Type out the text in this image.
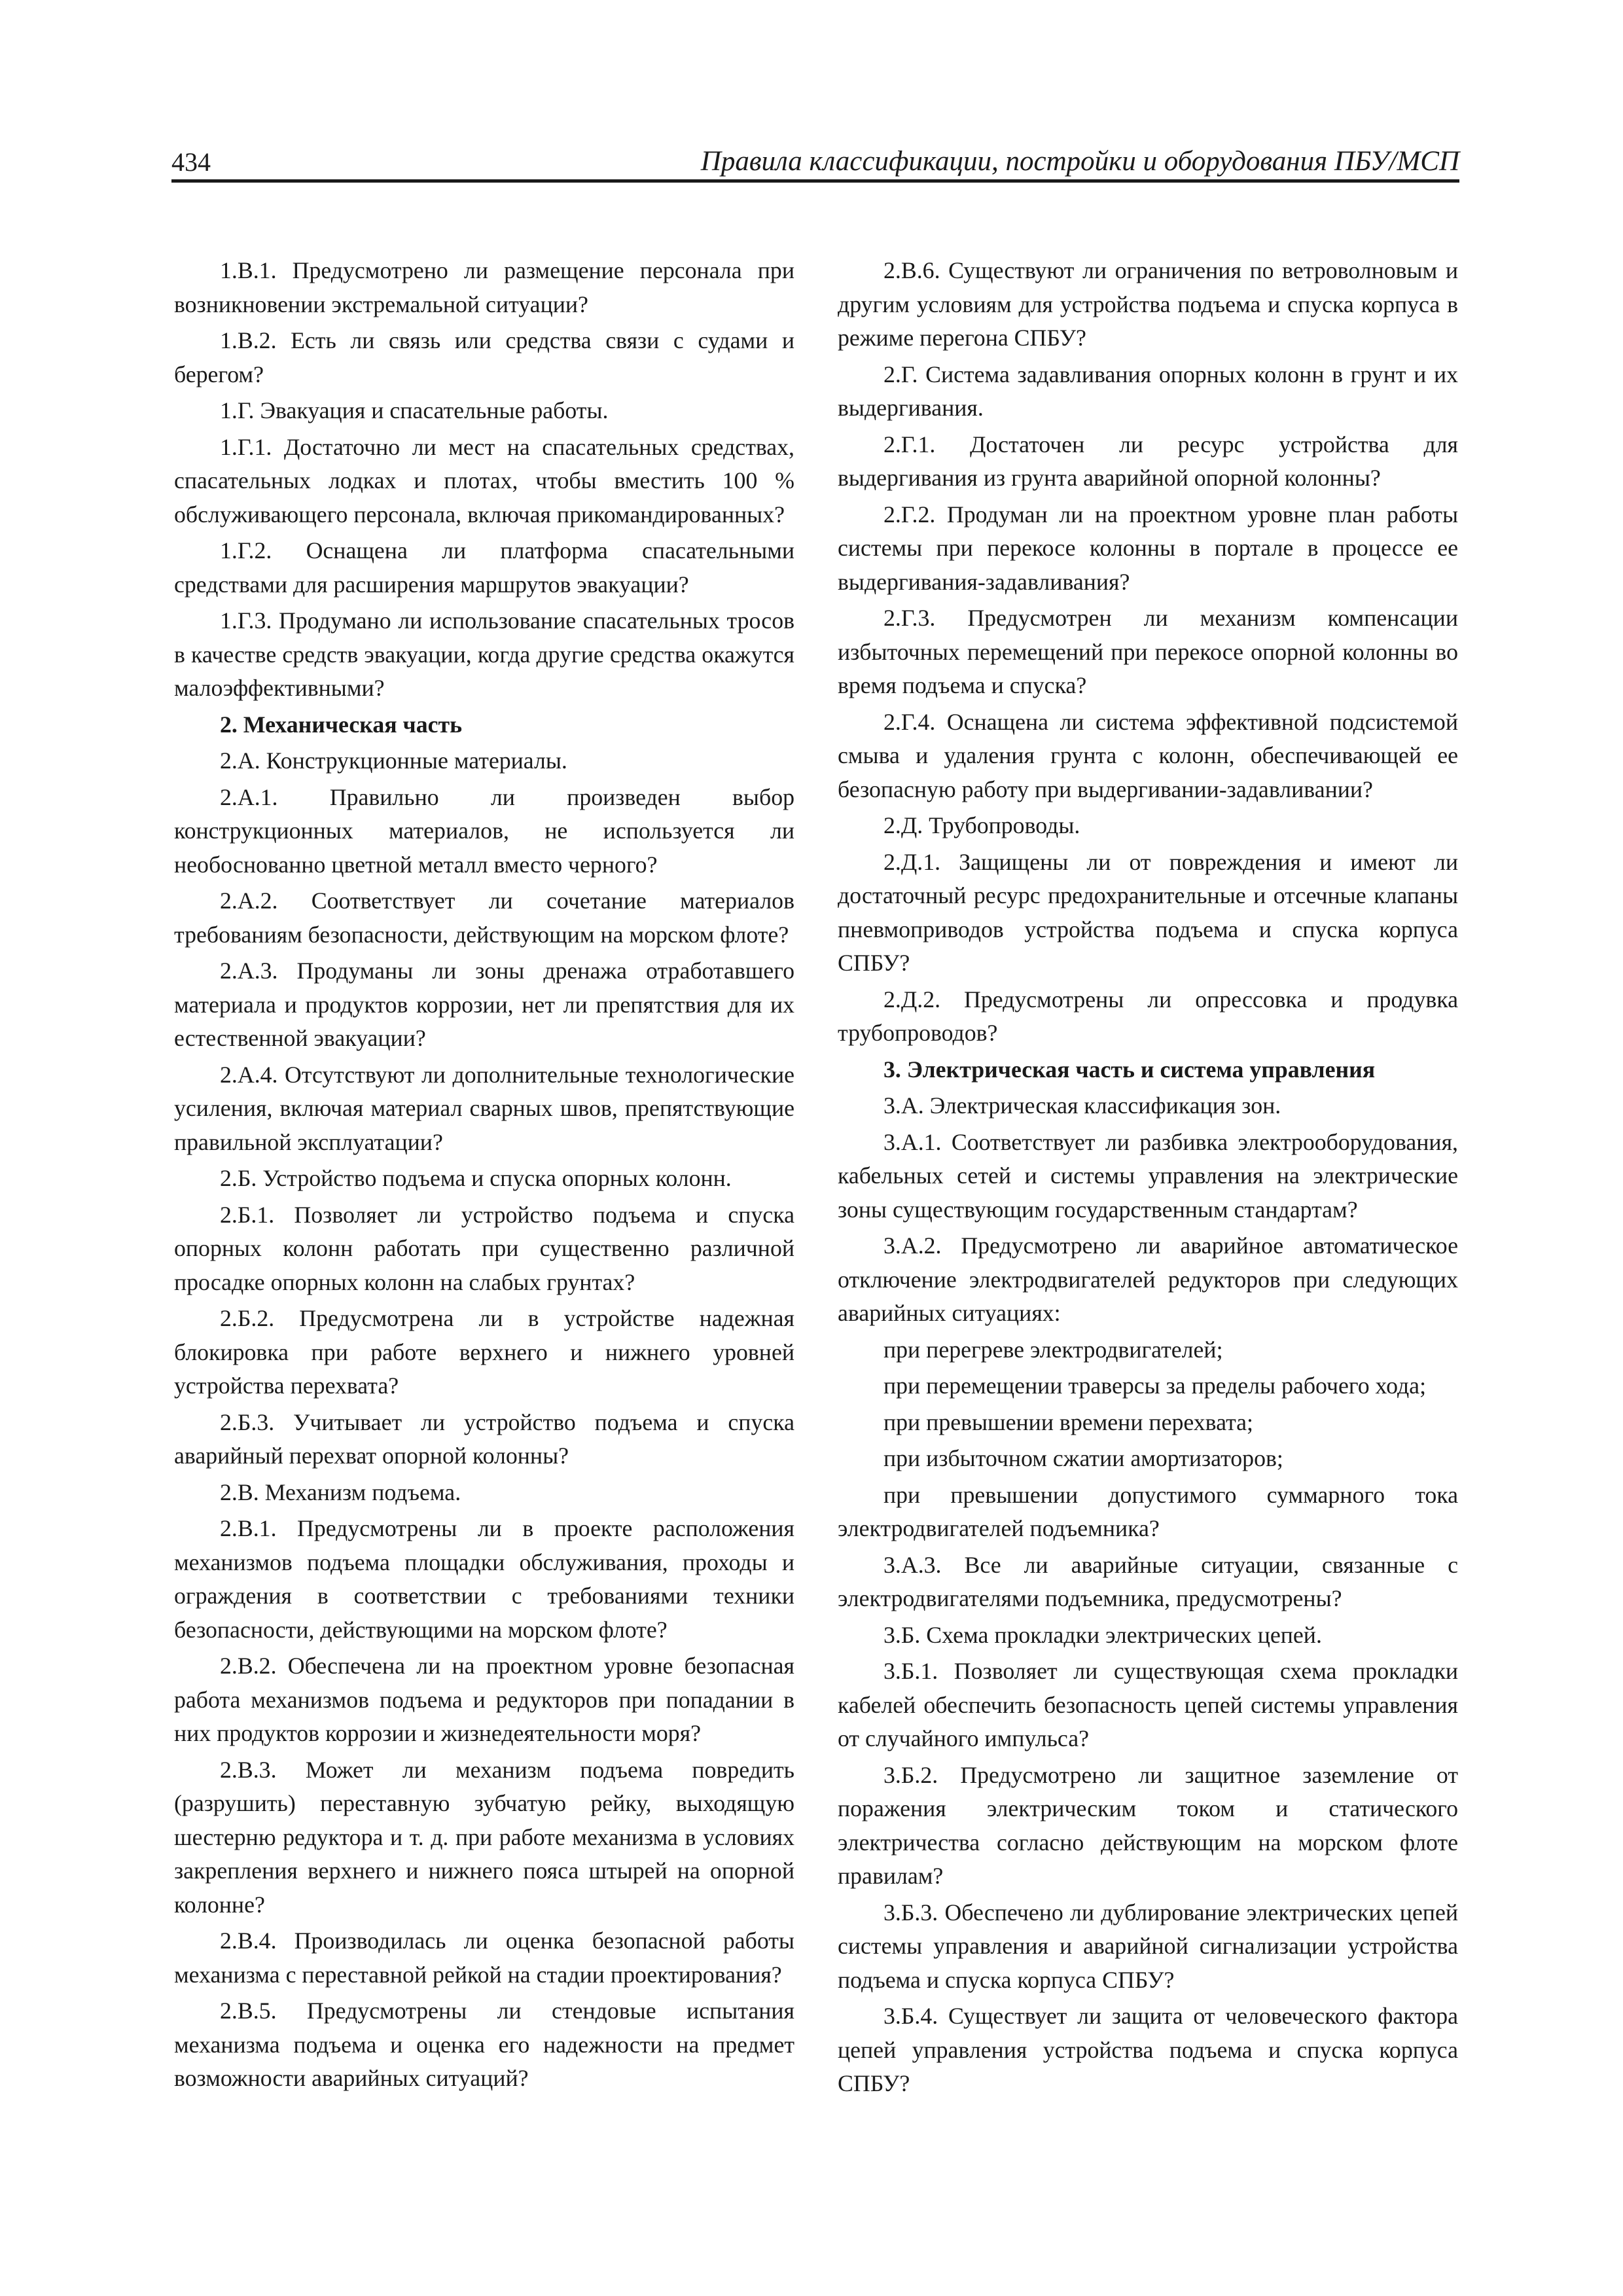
434	Правила классификации, постройки и оборудования ПБУ/МСП

1.В.1. Предусмотрено ли размещение персонала при возникновении экстремальной ситуации?

1.В.2. Есть ли связь или средства связи с судами и берегом?

1.Г. Эвакуация и спасательные работы.

1.Г.1. Достаточно ли мест на спасательных средствах, спасательных лодках и плотах, чтобы вместить 100 % обслуживающего персонала, включая прикомандированных?

1.Г.2. Оснащена ли платформа спасательными средствами для расширения маршрутов эвакуации?

1.Г.3. Продумано ли использование спасательных тросов в качестве средств эвакуации, когда другие средства окажутся малоэффективными?

2. Механическая часть

2.А. Конструкционные материалы.

2.А.1. Правильно ли произведен выбор конструкционных материалов, не используется ли необоснованно цветной металл вместо черного?

2.А.2. Соответствует ли сочетание материалов требованиям безопасности, действующим на морском флоте?

2.А.3. Продуманы ли зоны дренажа отработавшего материала и продуктов коррозии, нет ли препятствия для их естественной эвакуации?

2.А.4. Отсутствуют ли дополнительные технологические усиления, включая материал сварных швов, препятствующие правильной эксплуатации?

2.Б. Устройство подъема и спуска опорных колонн.

2.Б.1. Позволяет ли устройство подъема и спуска опорных колонн работать при существенно различной просадке опорных колонн на слабых грунтах?

2.Б.2. Предусмотрена ли в устройстве надежная блокировка при работе верхнего и нижнего уровней устройства перехвата?

2.Б.3. Учитывает ли устройство подъема и спуска аварийный перехват опорной колонны?

2.В. Механизм подъема.

2.В.1. Предусмотрены ли в проекте расположения механизмов подъема площадки обслуживания, проходы и ограждения в соответствии с требованиями техники безопасности, действующими на морском флоте?

2.В.2. Обеспечена ли на проектном уровне безопасная работа механизмов подъема и редукторов при попадании в них продуктов коррозии и жизнедеятельности моря?

2.В.3. Может ли механизм подъема повредить (разрушить) переставную зубчатую рейку, выходящую шестерню редуктора и т. д. при работе механизма в условиях закрепления верхнего и нижнего пояса штырей на опорной колонне?

2.В.4. Производилась ли оценка безопасной работы механизма с переставной рейкой на стадии проектирования?

2.В.5. Предусмотрены ли стендовые испытания механизма подъема и оценка его надежности на предмет возможности аварийных ситуаций?

2.В.6. Существуют ли ограничения по ветроволновым и другим условиям для устройства подъема и спуска корпуса в режиме перегона СПБУ?

2.Г. Система задавливания опорных колонн в грунт и их выдергивания.

2.Г.1. Достаточен ли ресурс устройства для выдергивания из грунта аварийной опорной колонны?

2.Г.2. Продуман ли на проектном уровне план работы системы при перекосе колонны в портале в процессе ее выдергивания-задавливания?

2.Г.3. Предусмотрен ли механизм компенсации избыточных перемещений при перекосе опорной колонны во время подъема и спуска?

2.Г.4. Оснащена ли система эффективной подсистемой смыва и удаления грунта с колонн, обеспечивающей ее безопасную работу при выдергивании-задавливании?

2.Д. Трубопроводы.

2.Д.1. Защищены ли от повреждения и имеют ли достаточный ресурс предохранительные и отсечные клапаны пневмоприводов устройства подъема и спуска корпуса СПБУ?

2.Д.2. Предусмотрены ли опрессовка и продувка трубопроводов?

3. Электрическая часть и система управления

3.А. Электрическая классификация зон.

3.А.1. Соответствует ли разбивка электрооборудования, кабельных сетей и системы управления на электрические зоны существующим государственным стандартам?

3.А.2. Предусмотрено ли аварийное автоматическое отключение электродвигателей редукторов при следующих аварийных ситуациях:

при перегреве электродвигателей;

при перемещении траверсы за пределы рабочего хода;

при превышении времени перехвата;

при избыточном сжатии амортизаторов;

при превышении допустимого суммарного тока электродвигателей подъемника?

3.А.3. Все ли аварийные ситуации, связанные с электродвигателями подъемника, предусмотрены?

3.Б. Схема прокладки электрических цепей.

3.Б.1. Позволяет ли существующая схема прокладки кабелей обеспечить безопасность цепей системы управления от случайного импульса?

3.Б.2. Предусмотрено ли защитное заземление от поражения электрическим током и статического электричества согласно действующим на морском флоте правилам?

3.Б.3. Обеспечено ли дублирование электрических цепей системы управления и аварийной сигнализации устройства подъема и спуска корпуса СПБУ?

3.Б.4. Существует ли защита от человеческого фактора цепей управления устройства подъема и спуска корпуса СПБУ?
